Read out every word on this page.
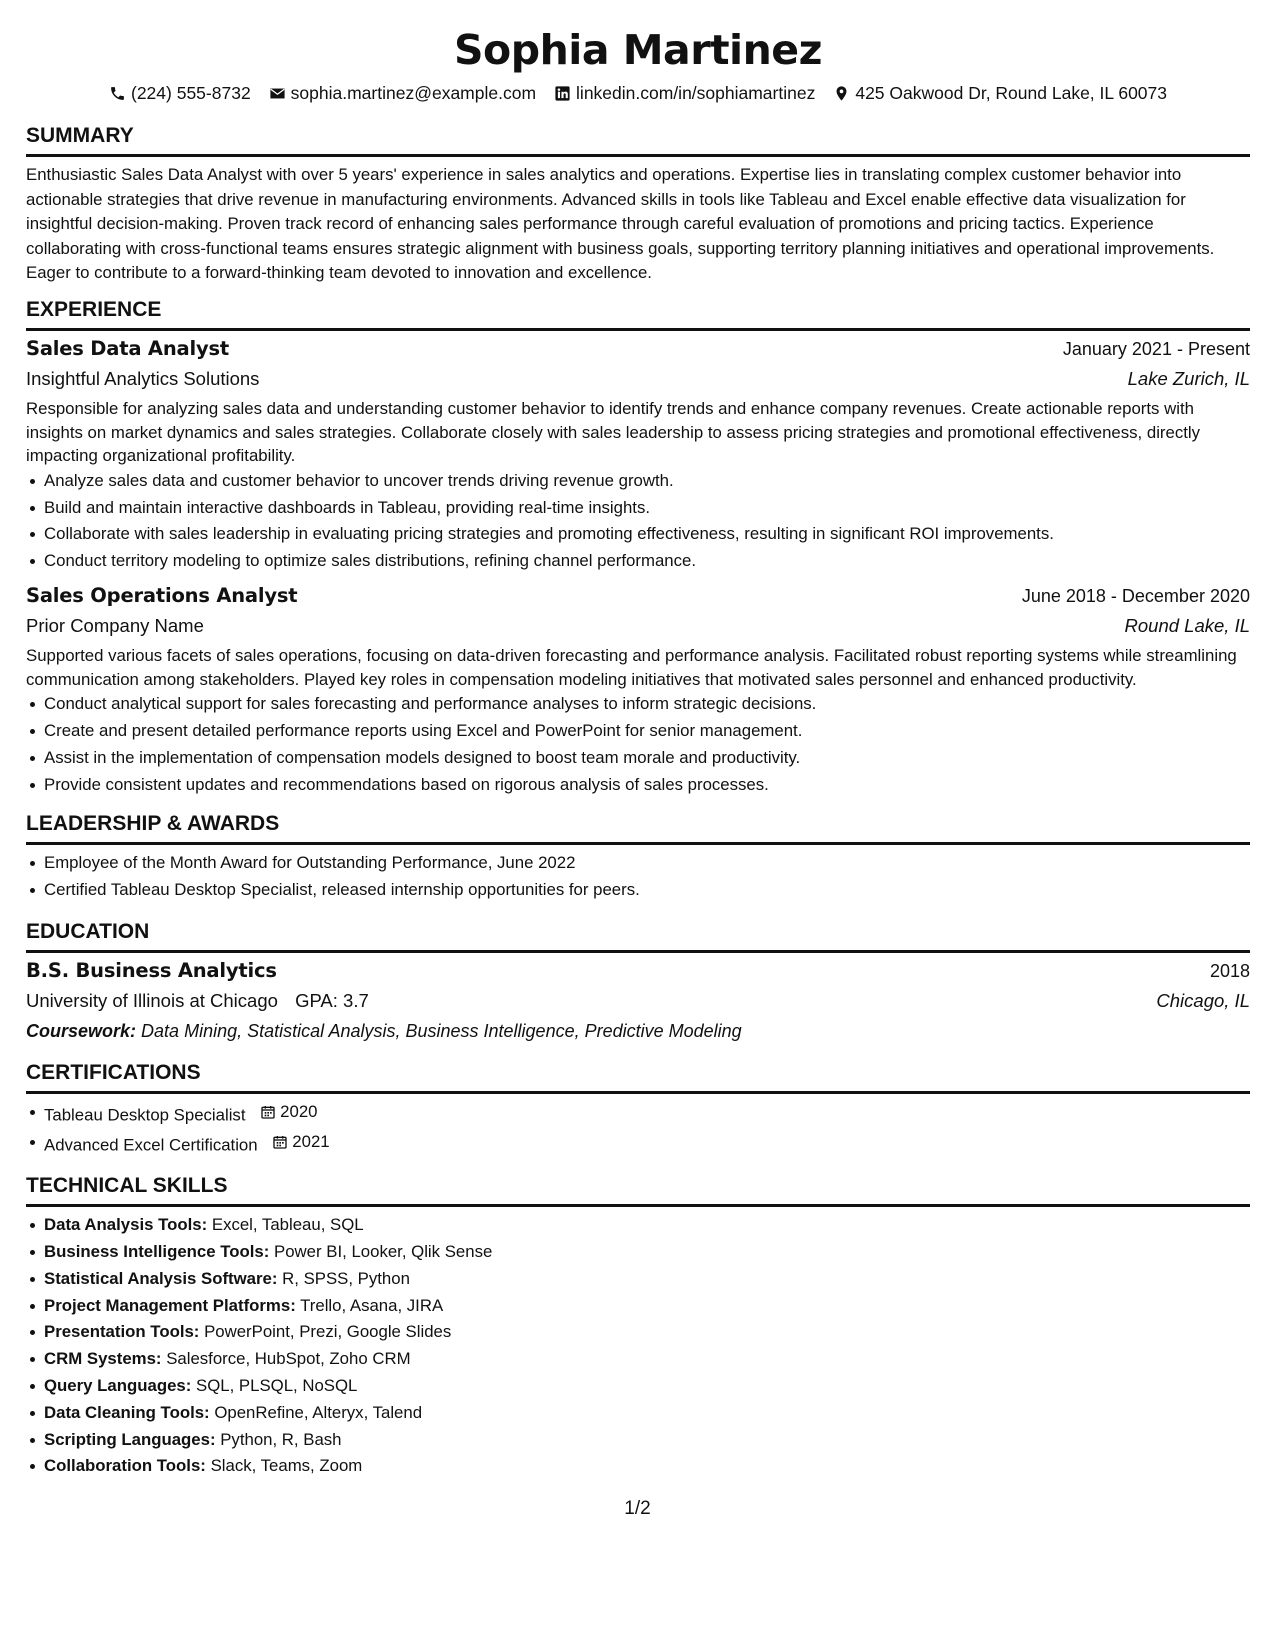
Sophia Martinez
(224) 555-8732 sophia.martinez@example.com linkedin.com/in/sophiamartinez 425 Oakwood Dr, Round Lake, IL 60073
SUMMARY
Enthusiastic Sales Data Analyst with over 5 years' experience in sales analytics and operations. Expertise lies in translating complex customer behavior into actionable strategies that drive revenue in manufacturing environments. Advanced skills in tools like Tableau and Excel enable effective data visualization for insightful decision-making. Proven track record of enhancing sales performance through careful evaluation of promotions and pricing tactics. Experience collaborating with cross-functional teams ensures strategic alignment with business goals, supporting territory planning initiatives and operational improvements. Eager to contribute to a forward-thinking team devoted to innovation and excellence.
EXPERIENCE
Sales Data Analyst	January 2021 - Present
Insightful Analytics Solutions	Lake Zurich, IL
Responsible for analyzing sales data and understanding customer behavior to identify trends and enhance company revenues. Create actionable reports with insights on market dynamics and sales strategies. Collaborate closely with sales leadership to assess pricing strategies and promotional effectiveness, directly impacting organizational profitability.
Analyze sales data and customer behavior to uncover trends driving revenue growth.
Build and maintain interactive dashboards in Tableau, providing real-time insights.
Collaborate with sales leadership in evaluating pricing strategies and promoting effectiveness, resulting in significant ROI improvements.
Conduct territory modeling to optimize sales distributions, refining channel performance.
Sales Operations Analyst	June 2018 - December 2020
Prior Company Name	Round Lake, IL
Supported various facets of sales operations, focusing on data-driven forecasting and performance analysis. Facilitated robust reporting systems while streamlining communication among stakeholders. Played key roles in compensation modeling initiatives that motivated sales personnel and enhanced productivity.
Conduct analytical support for sales forecasting and performance analyses to inform strategic decisions.
Create and present detailed performance reports using Excel and PowerPoint for senior management.
Assist in the implementation of compensation models designed to boost team morale and productivity.
Provide consistent updates and recommendations based on rigorous analysis of sales processes.
LEADERSHIP & AWARDS
Employee of the Month Award for Outstanding Performance, June 2022
Certified Tableau Desktop Specialist, released internship opportunities for peers.
EDUCATION
B.S. Business Analytics	2018
University of Illinois at Chicago GPA: 3.7	Chicago, IL
Coursework: Data Mining, Statistical Analysis, Business Intelligence, Predictive Modeling
CERTIFICATIONS
Tableau Desktop Specialist 2020
Advanced Excel Certification 2021
TECHNICAL SKILLS
Data Analysis Tools: Excel, Tableau, SQL
Business Intelligence Tools: Power BI, Looker, Qlik Sense
Statistical Analysis Software: R, SPSS, Python
Project Management Platforms: Trello, Asana, JIRA
Presentation Tools: PowerPoint, Prezi, Google Slides
CRM Systems: Salesforce, HubSpot, Zoho CRM
Query Languages: SQL, PLSQL, NoSQL
Data Cleaning Tools: OpenRefine, Alteryx, Talend
Scripting Languages: Python, R, Bash
Collaboration Tools: Slack, Teams, Zoom
1/2
